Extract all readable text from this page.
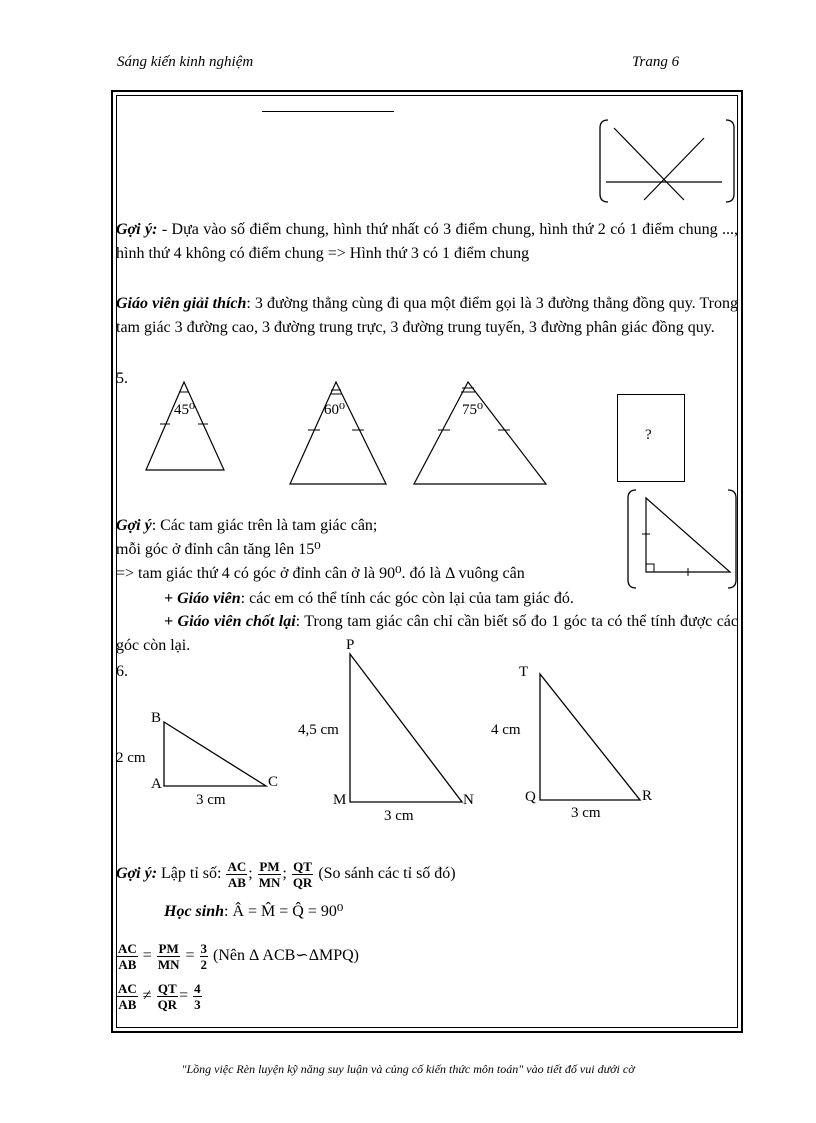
Sáng kiến kinh nghiệm	Trang 6
Gợi ý: - Dựa vào số điểm chung, hình thứ nhất có 3 điểm chung, hình thứ 2 có 1 điểm chung ..., hình thứ 4 không có điểm chung => Hình thứ 3 có 1 điểm chung
Giáo viên giải thích: 3 đường thẳng cùng đi qua một điểm gọi là 3 đường thẳng đồng quy. Trong tam giác 3 đường cao, 3 đường trung trực, 3 đường trung tuyến, 3 đường phân giác đồng quy.
5.
45⁰	60⁰	75⁰
?
Gợi ý: Các tam giác trên là tam giác cân;
mỗi góc ở đỉnh cân tăng lên 15⁰
=> tam giác thứ 4 có góc ở đỉnh cân ở là 90⁰. đó là Δ vuông cân
+ Giáo viên: các em có thể tính các góc còn lại của tam giác đó.
+ Giáo viên chốt lại: Trong tam giác cân chỉ cần biết số đo 1 góc ta có thể tính được các góc còn lại.
6.
B
A	C
2 cm
3 cm
P
M	N
4,5 cm
3 cm
T
Q	R
4 cm
3 cm
Gợi ý: Lập tỉ số: $\frac{AC}{AB}$ ; $\frac{PM}{MN}$ ; $\frac{QT}{QR} (So$ sánh các tỉ số đó)
Học sinh: Â = M̂ = Q̂ = 90⁰
$\frac{AC}{AB} = \frac{PM}{MN} = \frac{3}{2}$ (Nên Δ ACB∽ΔMPQ)
$\frac{AC}{AB} \ne \frac{QT}{QR} = \frac{4}{3}$
"Lồng việc Rèn luyện kỹ năng suy luận và củng cố kiến thức môn toán" vào tiết đố vui dưới cờ
